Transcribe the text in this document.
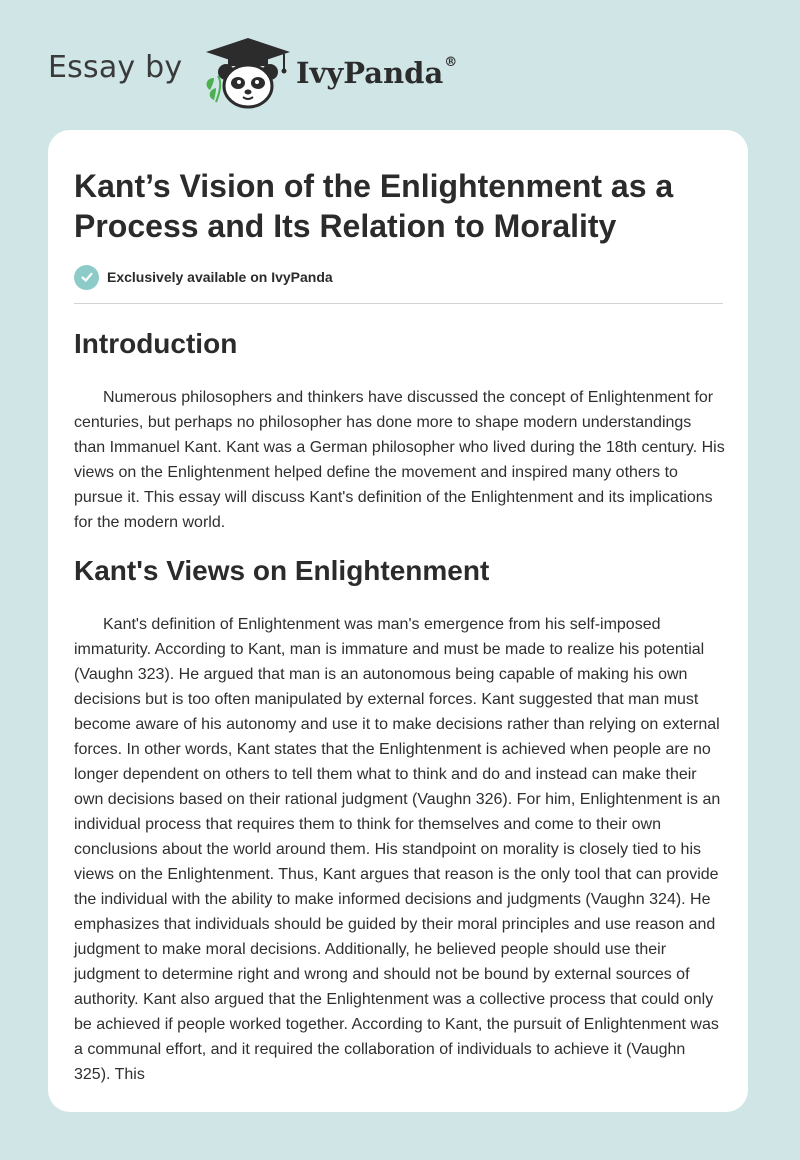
Essay by	IvyPanda®
Kant’s Vision of the Enlightenment as a Process and Its Relation to Morality
Exclusively available on IvyPanda
Introduction

Numerous philosophers and thinkers have discussed the concept of Enlightenment for centuries, but perhaps no philosopher has done more to shape modern understandings than Immanuel Kant. Kant was a German philosopher who lived during the 18th century. His views on the Enlightenment helped define the movement and inspired many others to pursue it. This essay will discuss Kant's definition of the Enlightenment and its implications for the modern world.

Kant's Views on Enlightenment

Kant's definition of Enlightenment was man's emergence from his self-imposed immaturity. According to Kant, man is immature and must be made to realize his potential (Vaughn 323). He argued that man is an autonomous being capable of making his own decisions but is too often manipulated by external forces. Kant suggested that man must become aware of his autonomy and use it to make decisions rather than relying on external forces. In other words, Kant states that the Enlightenment is achieved when people are no longer dependent on others to tell them what to think and do and instead can make their own decisions based on their rational judgment (Vaughn 326). For him, Enlightenment is an individual process that requires them to think for themselves and come to their own conclusions about the world around them. His standpoint on morality is closely tied to his views on the Enlightenment. Thus, Kant argues that reason is the only tool that can provide the individual with the ability to make informed decisions and judgments (Vaughn 324). He emphasizes that individuals should be guided by their moral principles and use reason and judgment to make moral decisions. Additionally, he believed people should use their judgment to determine right and wrong and should not be bound by external sources of authority. Kant also argued that the Enlightenment was a collective process that could only be achieved if people worked together. According to Kant, the pursuit of Enlightenment was a communal effort, and it required the collaboration of individuals to achieve it (Vaughn 325). This
